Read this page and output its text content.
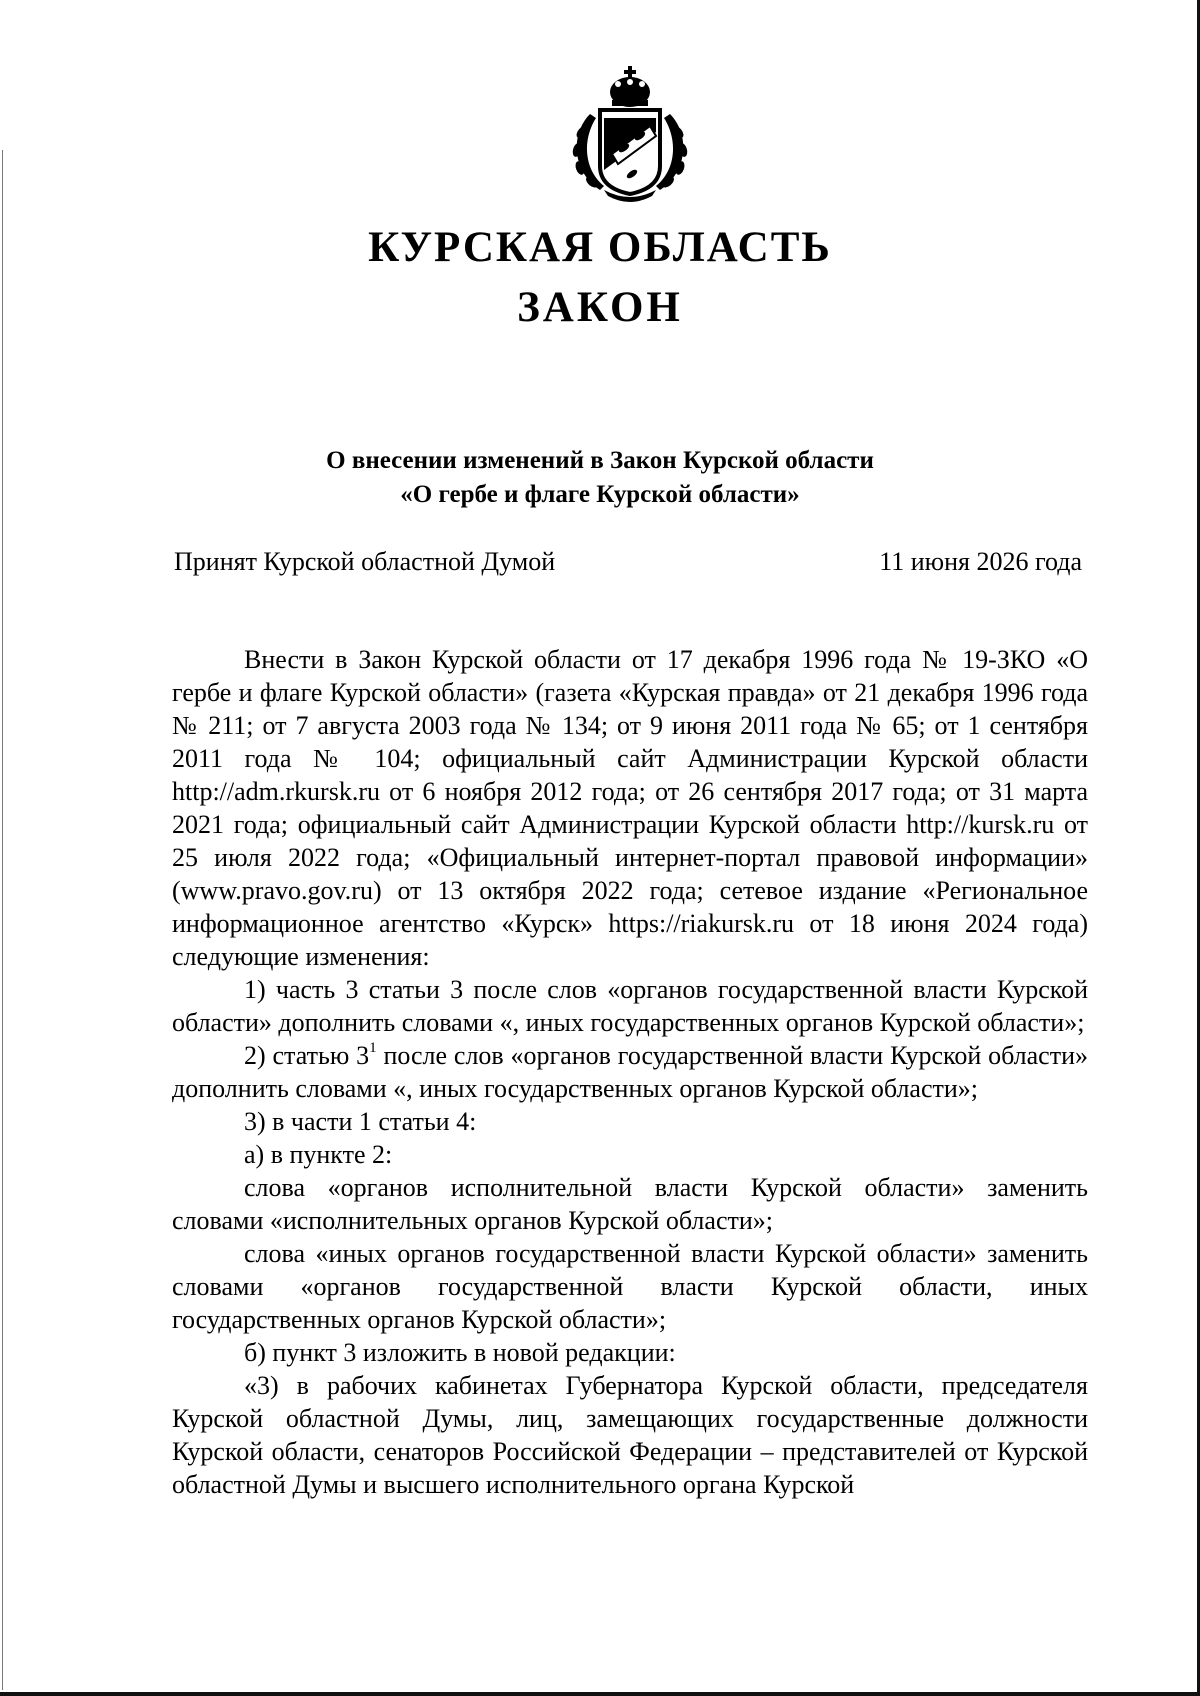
КУРСКАЯ ОБЛАСТЬ
ЗАКОН

О внесении изменений в Закон Курской области

«О гербе и флаге Курской области»

Принят Курской областной Думой	11 июня 2026 года

Внести в Закон Курской области от 17 декабря 1996 года № 19-ЗКО «О гербе и флаге Курской области» (газета «Курская правда» от 21 декабря 1996 года № 211; от 7 августа 2003 года № 134; от 9 июня 2011 года № 65; от 1 сентября 2011 года № 104; официальный сайт Администрации Курской области http://adm.rkursk.ru от 6 ноября 2012 года; от 26 сентября 2017 года; от 31 марта 2021 года; официальный сайт Администрации Курской области http://kursk.ru от 25 июля 2022 года; «Официальный интернет-портал правовой информации» (www.pravo.gov.ru) от 13 октября 2022 года; сетевое издание «Региональное информационное агентство «Курск» https://riakursk.ru от 18 июня 2024 года) следующие изменения:

1) часть 3 статьи 3 после слов «органов государственной власти Курской области» дополнить словами «, иных государственных органов Курской области»;

2) статью $3^1$ после слов «органов государственной власти Курской области» дополнить словами «, иных государственных органов Курской области»;

3) в части 1 статьи 4:

а) в пункте 2:

слова «органов исполнительной власти Курской области» заменить словами «исполнительных органов Курской области»;

слова «иных органов государственной власти Курской области» заменить словами «органов государственной власти Курской области, иных государственных органов Курской области»;

б) пункт 3 изложить в новой редакции:

«3) в рабочих кабинетах Губернатора Курской области, председателя Курской областной Думы, лиц, замещающих государственные должности Курской области, сенаторов Российской Федерации – представителей от Курской областной Думы и высшего исполнительного органа Курской
